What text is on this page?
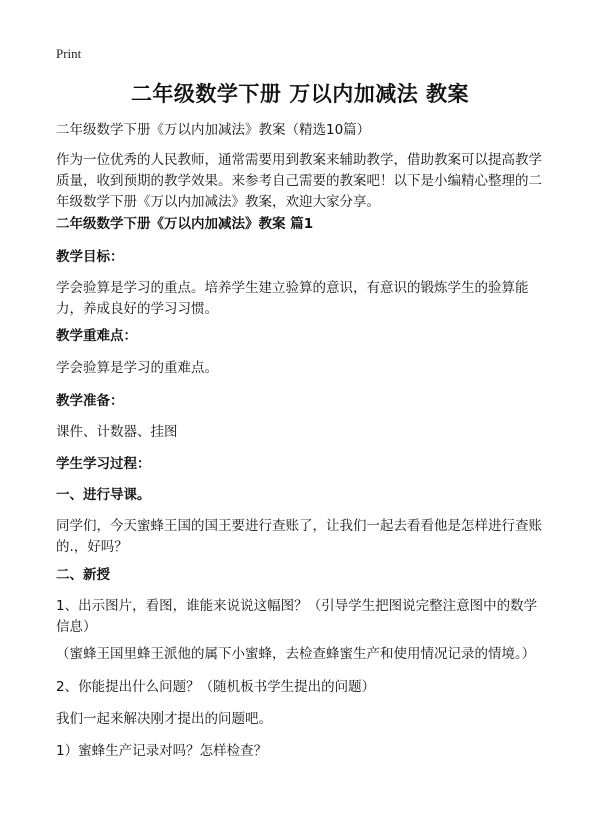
Print
二年级数学下册 万以内加减法 教案
二年级数学下册《万以内加减法》教案（精选10篇）
作为一位优秀的人民教师，通常需要用到教案来辅助教学，借助教案可以提高教学质量，收到预期的教学效果。来参考自己需要的教案吧！以下是小编精心整理的二年级数学下册《万以内加减法》教案，欢迎大家分享。
二年级数学下册《万以内加减法》教案 篇1
教学目标：
学会验算是学习的重点。培养学生建立验算的意识，有意识的锻炼学生的验算能力，养成良好的学习习惯。
教学重难点：
学会验算是学习的重难点。
教学准备：
课件、计数器、挂图
学生学习过程：
一、进行导课。
同学们，今天蜜蜂王国的国王要进行查账了，让我们一起去看看他是怎样进行查账的.，好吗？
二、新授
1、出示图片，看图，谁能来说说这幅图？（引导学生把图说完整注意图中的数学信息）
（蜜蜂王国里蜂王派他的属下小蜜蜂，去检查蜂蜜生产和使用情况记录的情境。）
2、你能提出什么问题？（随机板书学生提出的问题）
我们一起来解决刚才提出的问题吧。
1）蜜蜂生产记录对吗？怎样检查？
